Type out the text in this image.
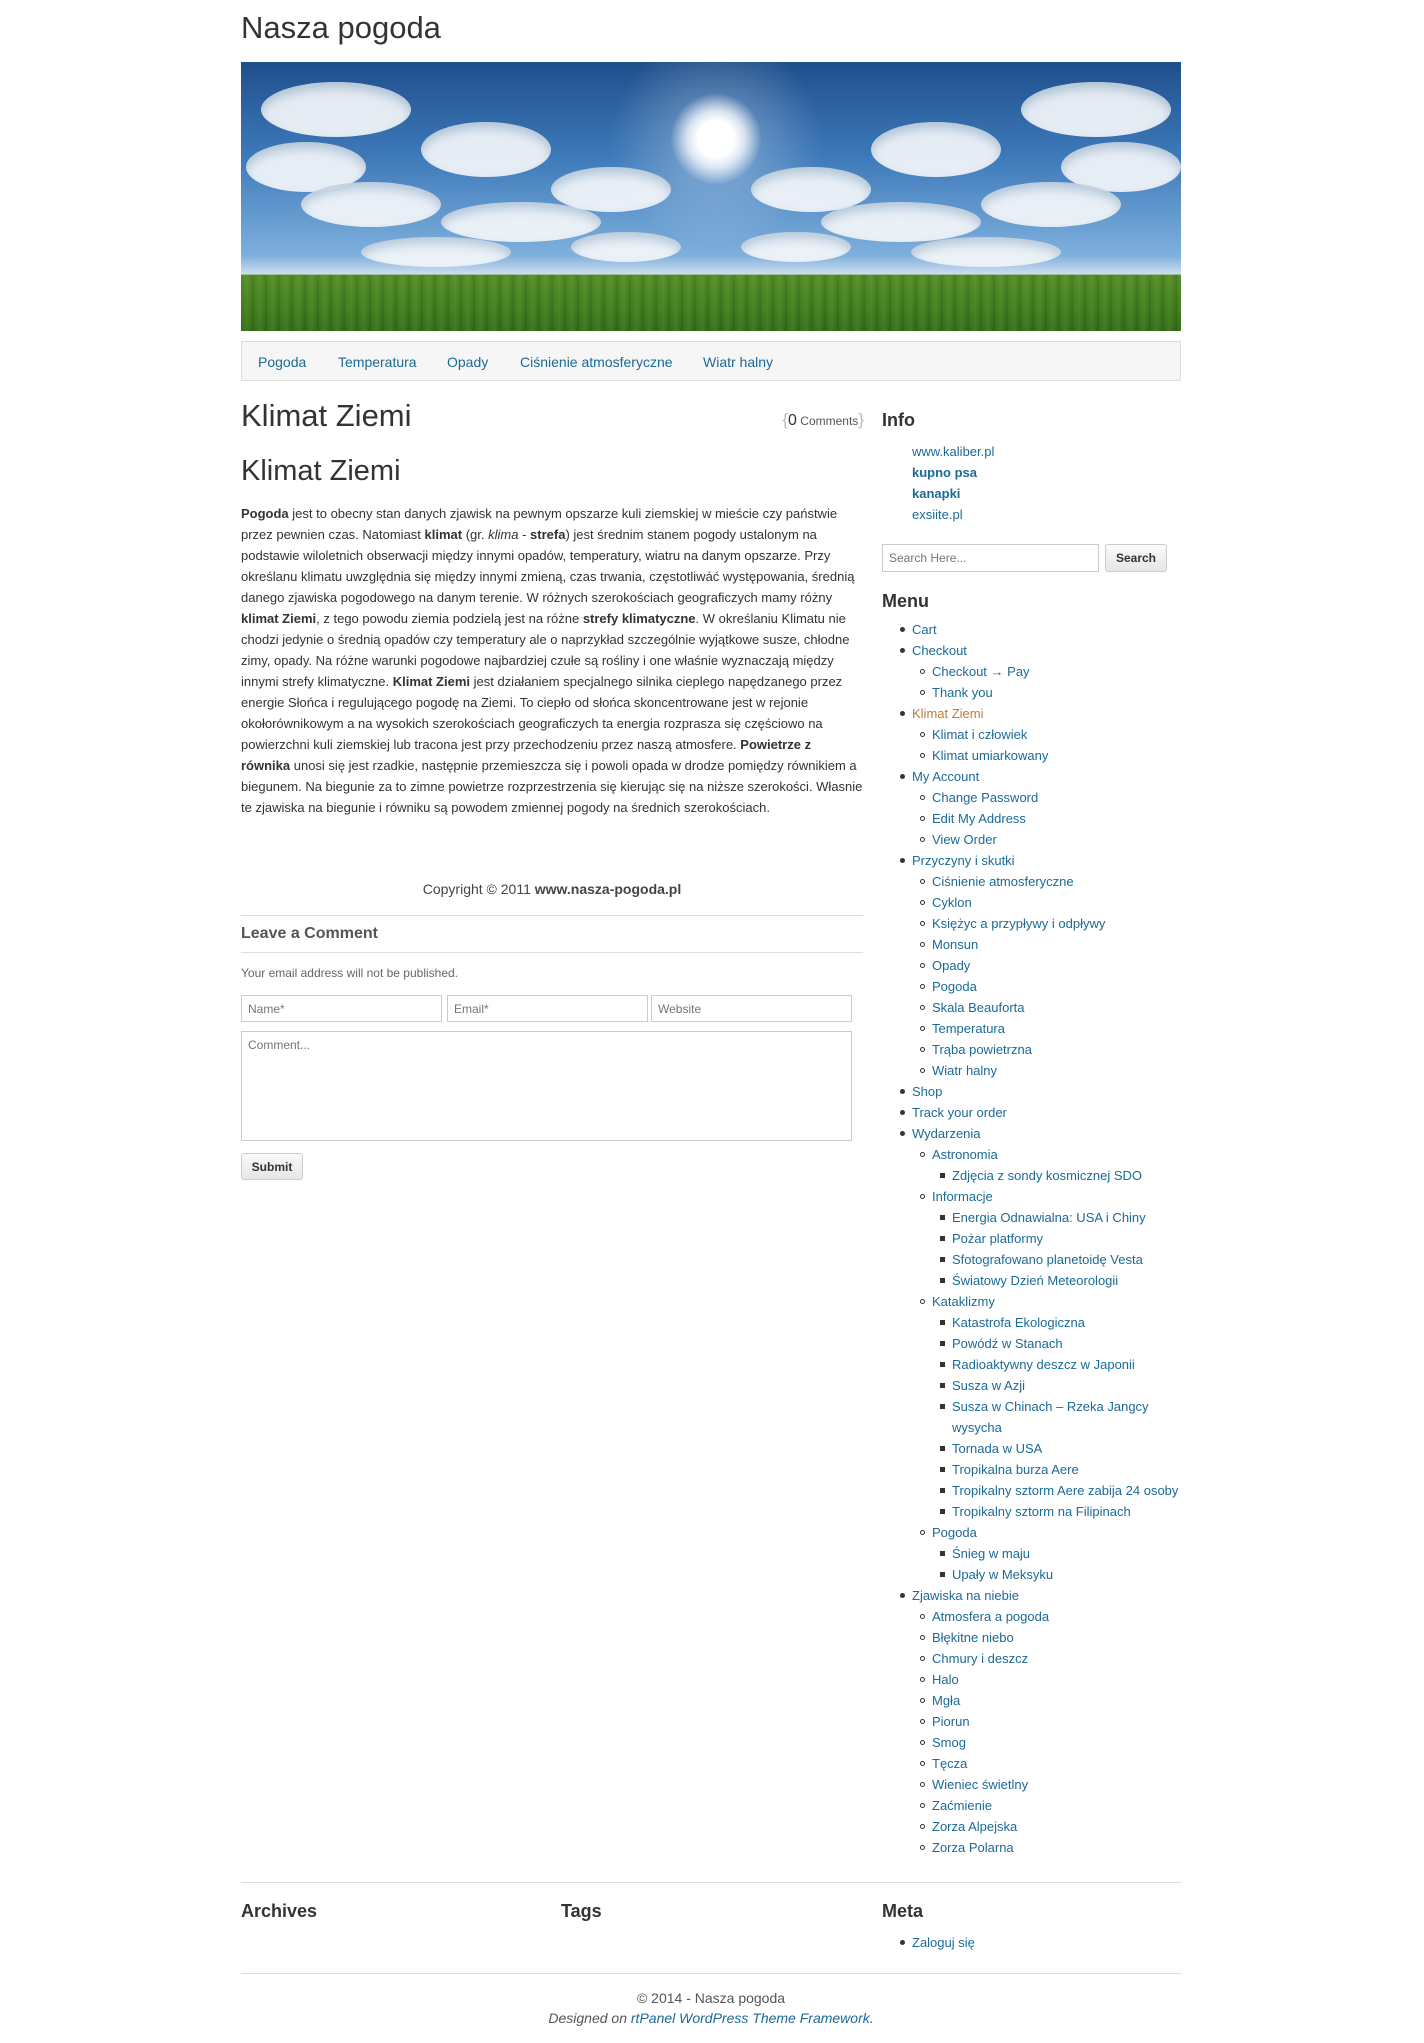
Nasza pogoda
Pogoda Temperatura Opady Ciśnienie atmosferyczne Wiatr halny
Klimat Ziemi	{0 Comments}
Klimat Ziemi

Pogoda jest to obecny stan danych zjawisk na pewnym opszarze kuli ziemskiej w mieście czy państwie przez pewnien czas. Natomiast klimat (gr. klima - strefa) jest średnim stanem pogody ustalonym na podstawie wiloletnich obserwacji między innymi opadów, temperatury, wiatru na danym opszarze. Przy określanu klimatu uwzględnia się między innymi zmieną, czas trwania, częstotliwáć występowania, średnią danego zjawiska pogodowego na danym terenie. W różnych szerokościach geograficzych mamy różny klimat Ziemi, z tego powodu ziemia podzielą jest na różne strefy klimatyczne. W określaniu Klimatu nie chodzi jedynie o średnią opadów czy temperatury ale o naprzykład szczególnie wyjątkowe susze, chłodne zimy, opady. Na różne warunki pogodowe najbardziej czułe są rośliny i one właśnie wyznaczają między innymi strefy klimatyczne. Klimat Ziemi jest działaniem specjalnego silnika cieplego napędzanego przez energie Słońca i regulującego pogodę na Ziemi. To ciepło od słońca skoncentrowane jest w rejonie okołorównikowym a na wysokich szerokościach geograficzych ta energia rozprasza się częściowo na powierzchni kuli ziemskiej lub tracona jest przy przechodzeniu przez naszą atmosfere. Powietrze z równika unosi się jest rzadkie, następnie przemieszcza się i powoli opada w drodze pomiędzy równikiem a biegunem. Na biegunie za to zimne powietrze rozprzestrzenia się kierując się na niższe szerokości. Własnie te zjawiska na biegunie i równiku są powodem zmiennej pogody na średnich szerokościach.

Copyright © 2011 www.nasza-pogoda.pl
Leave a Comment

Your email address will not be published.

Name*
Email*
Website
Comment...
Submit
Info
www.kaliber.pl
kupno psa
kanapki
exsiite.pl
Search Here...
Search
Menu
Cart
Checkout
Checkout → Pay
Thank you
Klimat Ziemi
Klimat i człowiek
Klimat umiarkowany
My Account
Change Password
Edit My Address
View Order
Przyczyny i skutki
Ciśnienie atmosferyczne
Cyklon
Księżyc a przypływy i odpływy
Monsun
Opady
Pogoda
Skala Beauforta
Temperatura
Trąba powietrzna
Wiatr halny
Shop
Track your order
Wydarzenia
Astronomia
Zdjęcia z sondy kosmicznej SDO
Informacje
Energia Odnawialna: USA i Chiny
Pożar platformy
Sfotografowano planetoidę Vesta
Światowy Dzień Meteorologii
Kataklizmy
Katastrofa Ekologiczna
Powódź w Stanach
Radioaktywny deszcz w Japonii
Susza w Azji
Susza w Chinach – Rzeka Jangcy wysycha
Tornada w USA
Tropikalna burza Aere
Tropikalny sztorm Aere zabija 24 osoby
Tropikalny sztorm na Filipinach
Pogoda
Śnieg w maju
Upały w Meksyku
Zjawiska na niebie
Atmosfera a pogoda
Błękitne niebo
Chmury i deszcz
Halo
Mgła
Piorun
Smog
Tęcza
Wieniec świetlny
Zaćmienie
Zorza Alpejska
Zorza Polarna
Archives	Tags	Meta
Zaloguj się
© 2014 - Nasza pogoda
Designed on rtPanel WordPress Theme Framework.
